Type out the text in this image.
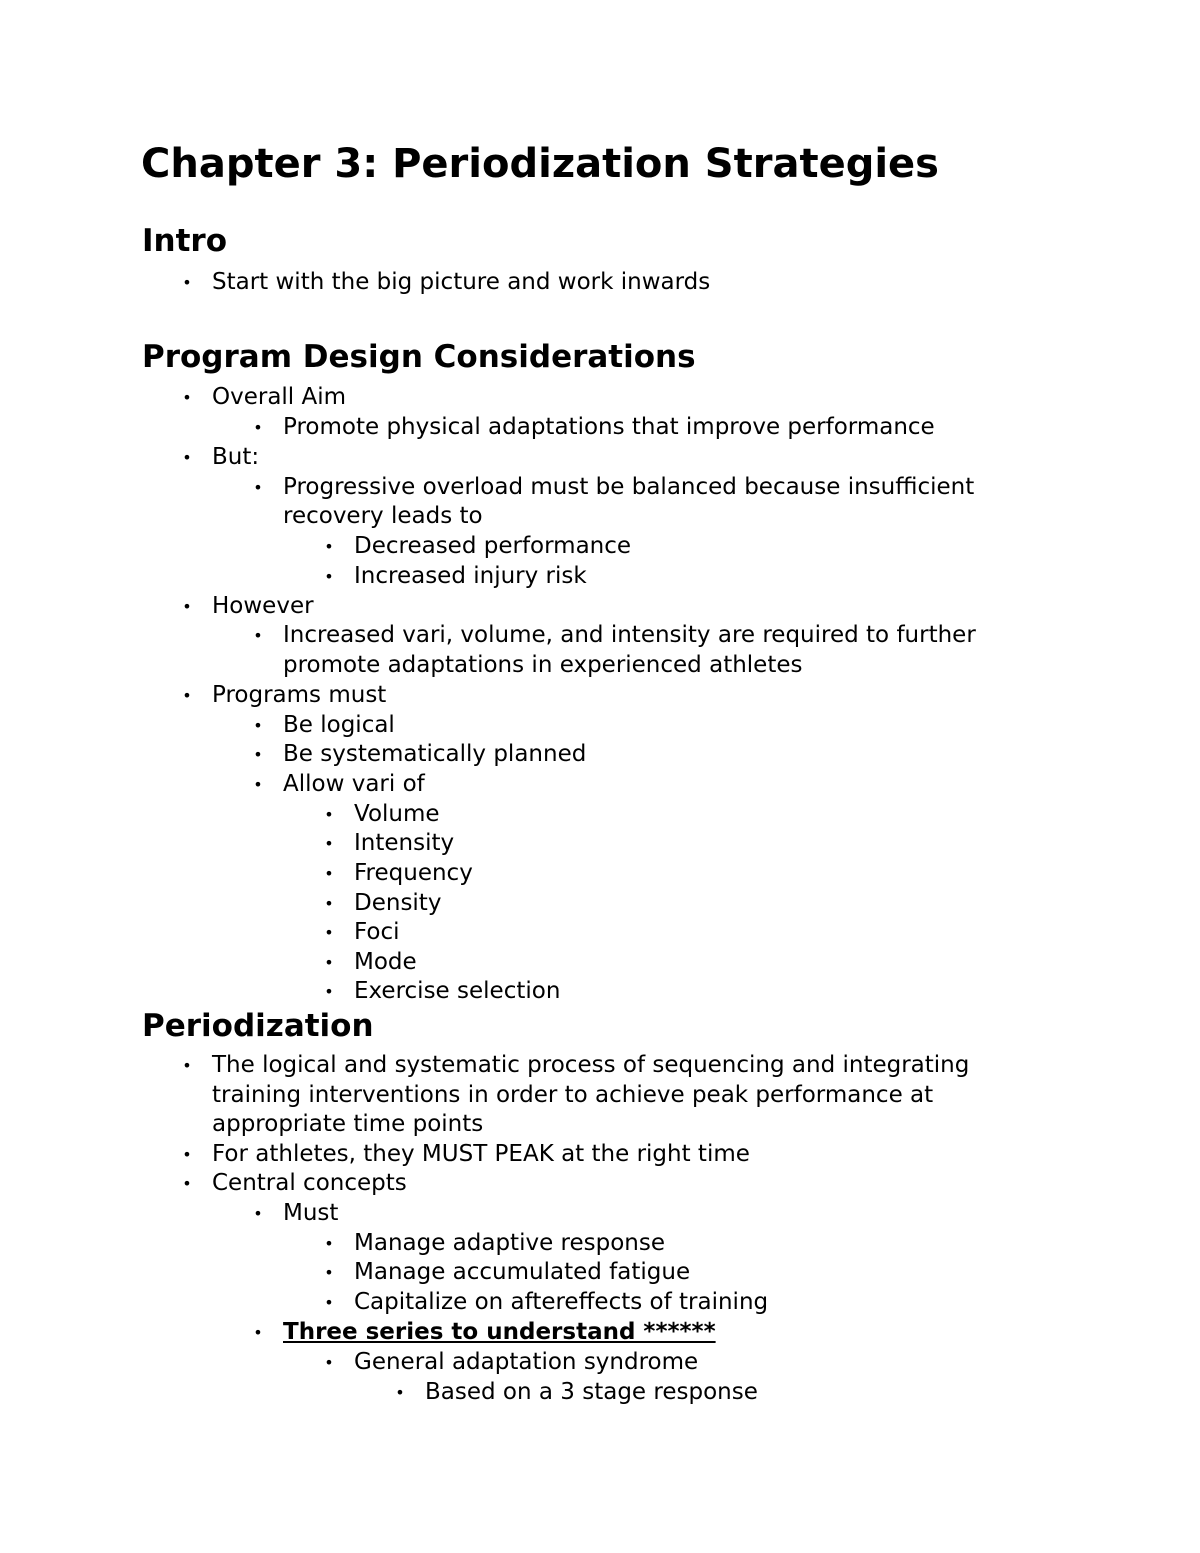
Chapter 3: Periodization Strategies
Intro
• Start with the big picture and work inwards
Program Design Considerations
• Overall Aim
• Promote physical adaptations that improve performance
• But:
• Progressive overload must be balanced because insufficient
recovery leads to
• Decreased performance
• Increased injury risk
• However
• Increased vari, volume, and intensity are required to further
promote adaptations in experienced athletes
• Programs must
• Be logical
• Be systematically planned
• Allow vari of
• Volume
• Intensity
• Frequency
• Density
• Foci
• Mode
• Exercise selection
Periodization
• The logical and systematic process of sequencing and integrating
training interventions in order to achieve peak performance at
appropriate time points
• For athletes, they MUST PEAK at the right time
• Central concepts
• Must
• Manage adaptive response
• Manage accumulated fatigue
• Capitalize on aftereffects of training
• Three series to understand ******
• General adaptation syndrome
• Based on a 3 stage response
